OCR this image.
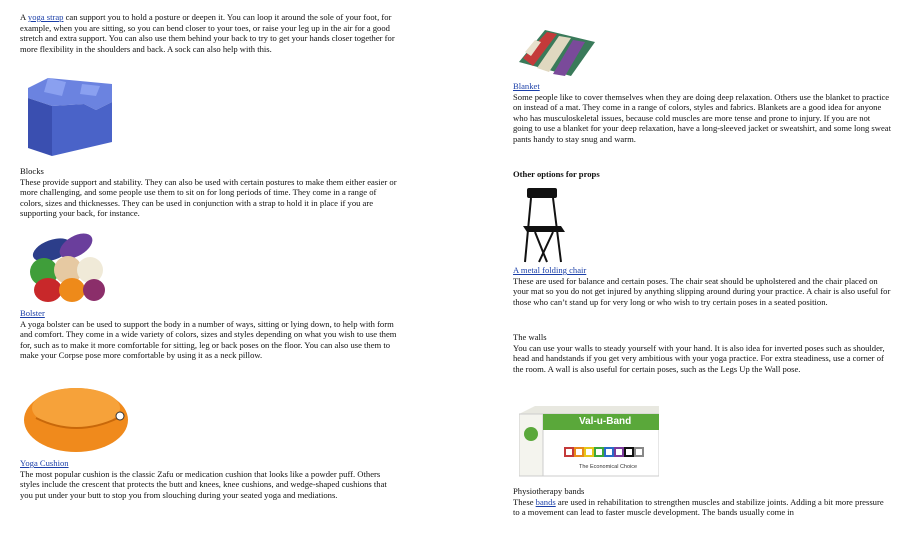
A yoga strap can support you to hold a posture or deepen it. You can loop it around the sole of your foot, for example, when you are sitting, so you can bend closer to your toes, or raise your leg up in the air for a good stretch and extra support. You can also use them behind your back to try to get your hands closer together for more flexibility in the shoulders and back. A sock can also help with this.

Blocks

These provide support and stability. They can also be used with certain postures to make them either easier or more challenging, and some people use them to sit on for long periods of time. They come in a range of colors, sizes and thicknesses. They can be used in conjunction with a strap to hold it in place if you are supporting your back, for instance.

Bolster

A yoga bolster can be used to support the body in a number of ways, sitting or lying down, to help with form and comfort. They come in a wide variety of colors, sizes and styles depending on what you wish to use them for, such as to make it more comfortable for sitting, leg or back poses on the floor. You can also use them to make your Corpse pose more comfortable by using it as a neck pillow.

Yoga Cushion

The most popular cushion is the classic Zafu or medication cushion that looks like a powder puff. Others styles include the crescent that protects the butt and knees, knee cushions, and wedge-shaped cushions that you put under your butt to stop you from slouching during your seated yoga and mediations.

Blanket

Some people like to cover themselves when they are doing deep relaxation. Others use the blanket to practice on instead of a mat. They come in a range of colors, styles and fabrics. Blankets are a good idea for anyone who has musculoskeletal issues, because cold muscles are more tense and prone to injury. If you are not going to use a blanket for your deep relaxation, have a long-sleeved jacket or sweatshirt, and some long sweat pants handy to stay snug and warm.

Other options for props

A metal folding chair

These are used for balance and certain poses. The chair seat should be upholstered and the chair placed on your mat so you do not get injured by anything slipping around during your practice. A chair is also useful for those who can’t stand up for very long or who wish to try certain poses in a seated position.

The walls

You can use your walls to steady yourself with your hand. It is also idea for inverted poses such as shoulder, head and handstands if you get very ambitious with your yoga practice. For extra steadiness, use a corner of the room. A wall is also useful for certain poses, such as the Legs Up the Wall pose.

Val-u-Band
The Economical Choice

Physiotherapy bands

These bands are used in rehabilitation to strengthen muscles and stabilize joints. Adding a bit more pressure to a movement can lead to faster muscle development. The bands usually come in
